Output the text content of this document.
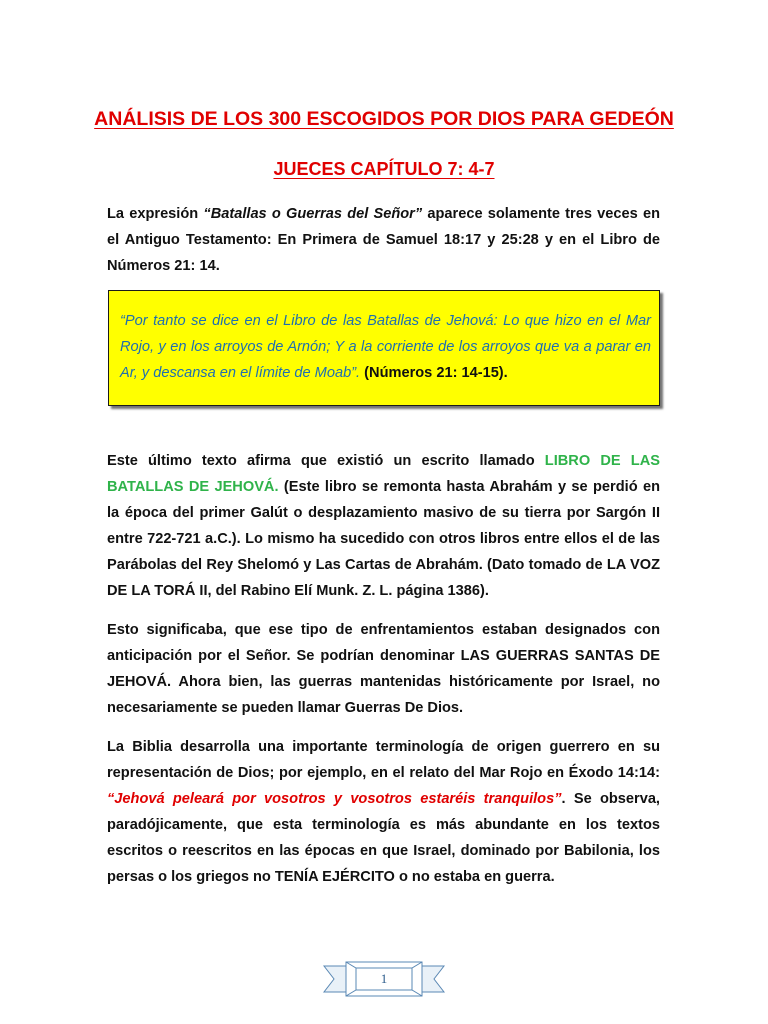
ANÁLISIS DE LOS 300 ESCOGIDOS POR DIOS PARA GEDEÓN
JUECES CAPÍTULO 7: 4-7
La expresión “Batallas o Guerras del Señor” aparece solamente tres veces en el Antiguo Testamento: En Primera de Samuel 18:17 y 25:28 y en el Libro de Números 21: 14.
“Por tanto se dice en el Libro de las Batallas de Jehová: Lo que hizo en el Mar Rojo, y en los arroyos de Arnón; Y a la corriente de los arroyos que va a parar en Ar, y descansa en el límite de Moab”. (Números 21: 14-15).
Este último texto afirma que existió un escrito llamado LIBRO DE LAS BATALLAS DE JEHOVÁ. (Este libro se remonta hasta Abrahám y se perdió en la época del primer Galút o desplazamiento masivo de su tierra por Sargón II entre 722-721 a.C.). Lo mismo ha sucedido con otros libros entre ellos el de las Parábolas del Rey Shelomó y Las Cartas de Abrahám. (Dato tomado de LA VOZ DE LA TORÁ II, del Rabino Elí Munk. Z. L. página 1386).
Esto significaba, que ese tipo de enfrentamientos estaban designados con anticipación por el Señor. Se podrían denominar LAS GUERRAS SANTAS DE JEHOVÁ. Ahora bien, las guerras mantenidas históricamente por Israel, no necesariamente se pueden llamar Guerras De Dios.
La Biblia desarrolla una importante terminología de origen guerrero en su representación de Dios; por ejemplo, en el relato del Mar Rojo en Éxodo 14:14: “Jehová peleará por vosotros y vosotros estaréis tranquilos”. Se observa, paradójicamente, que esta terminología es más abundante en los textos escritos o reescritos en las épocas en que Israel, dominado por Babilonia, los persas o los griegos no TENÍA EJÉRCITO o no estaba en guerra.
1
